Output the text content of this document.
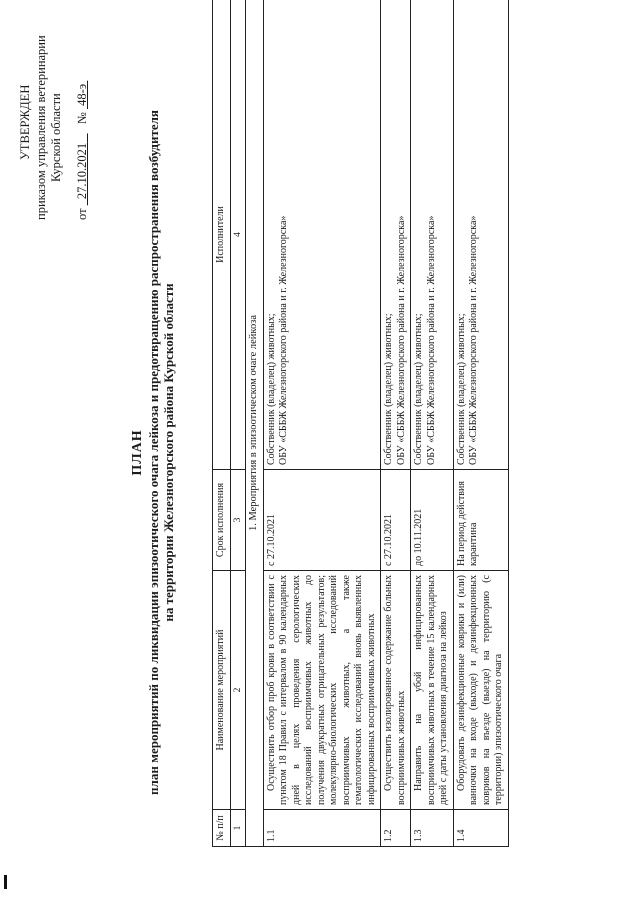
УТВЕРЖДЕН приказом управления ветеринарии Курской области
от   27.10.2021      №  48-э
ПЛАН план мероприятий по ликвидации эпизоотического очага лейкоза и предотвращению распространения возбудителя на территории Железногорского района Курской области
№ п/п	Наименование мероприятий	Срок исполнения	Исполнители
1	2	3	4
1. Мероприятия в эпизоотическом очаге лейкоза			
1.1	Осуществить отбор проб крови в соответствии с пунктом 18 Правил с интервалом в 90 календарных дней в целях проведения серологических исследований восприимчивых животных до получения двукратных отрицательных результатов; молекулярно-биологических исследований восприимчивых животных, а также гематологических исследований вновь выявленных инфицированных восприимчивых животных	с 27.10.2021	Собственник (владелец) животных; ОБУ «СББЖ Железногорского района и г. Железногорска»

1.2	Осуществить изолированное содержание больных восприимчивых животных	с 27.10.2021	Собственник (владелец) животных; ОБУ «СББЖ Железногорского района и г. Железногорска»

1.3	Направить на убой инфицированных восприимчивых животных в течение 15 календарных дней с даты установления диагноза на лейкоз	до 10.11.2021	Собственник (владелец) животных; ОБУ «СББЖ Железногорского района и г. Железногорска»

1.4	Оборудовать дезинфекционные коврики и (или) ванночки на входе (выходе) и дезинфекционных ковриков на въезде (выезде) на территорию (с территории) эпизоотического очага	На период действия карантина	Собственник (владелец) животных; ОБУ «СББЖ Железногорского района и г. Железногорска»
